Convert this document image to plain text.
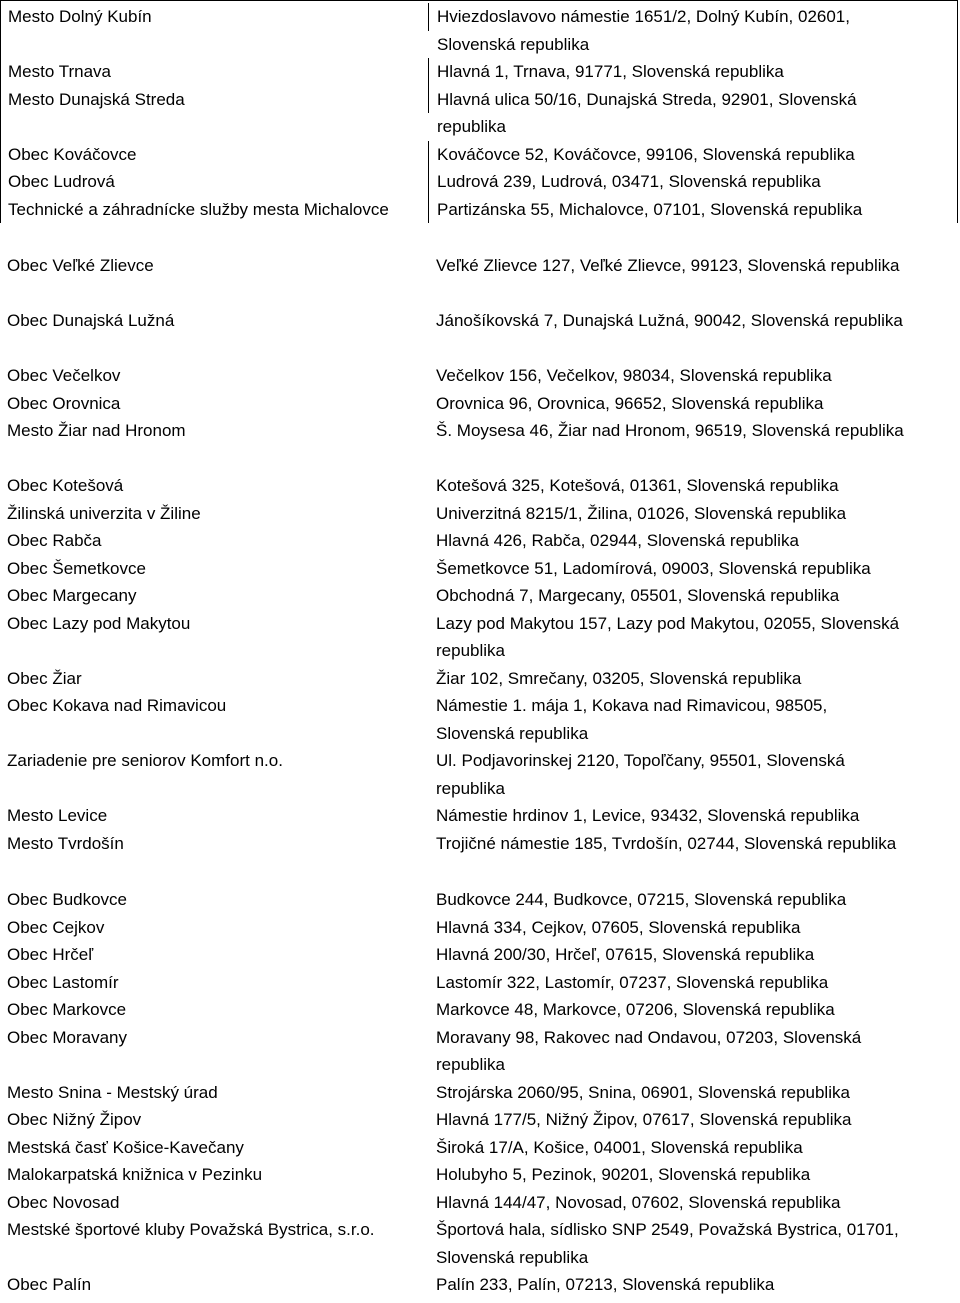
Mesto Dolný Kubín	Hviezdoslavovo námestie 1651/2, Dolný Kubín, 02601,
Slovenská republika
Mesto Trnava	Hlavná 1, Trnava, 91771, Slovenská republika
Mesto Dunajská Streda	Hlavná ulica 50/16, Dunajská Streda, 92901, Slovenská
republika
Obec Kováčovce	Kováčovce 52, Kováčovce, 99106, Slovenská republika
Obec Ludrová	Ludrová 239, Ludrová, 03471, Slovenská republika
Technické a záhradnícke služby mesta Michalovce	Partizánska 55, Michalovce, 07101, Slovenská republika
Obec Veľké Zlievce	Veľké Zlievce 127, Veľké Zlievce, 99123, Slovenská republika
Obec Dunajská Lužná	Jánošíkovská 7, Dunajská Lužná, 90042, Slovenská republika
Obec Večelkov	Večelkov 156, Večelkov, 98034, Slovenská republika
Obec Orovnica	Orovnica 96, Orovnica, 96652, Slovenská republika
Mesto Žiar nad Hronom	Š. Moysesa 46, Žiar nad Hronom, 96519, Slovenská republika
Obec Kotešová	Kotešová 325, Kotešová, 01361, Slovenská republika
Žilinská univerzita v Žiline	Univerzitná 8215/1, Žilina, 01026, Slovenská republika
Obec Rabča	Hlavná 426, Rabča, 02944, Slovenská republika
Obec Šemetkovce	Šemetkovce 51, Ladomírová, 09003, Slovenská republika
Obec Margecany	Obchodná 7, Margecany, 05501, Slovenská republika
Obec Lazy pod Makytou	Lazy pod Makytou 157, Lazy pod Makytou, 02055, Slovenská
republika
Obec Žiar	Žiar 102, Smrečany, 03205, Slovenská republika
Obec Kokava nad Rimavicou	Námestie 1. mája 1, Kokava nad Rimavicou, 98505,
Slovenská republika
Zariadenie pre seniorov Komfort n.o.	Ul. Podjavorinskej 2120, Topoľčany, 95501, Slovenská
republika
Mesto Levice	Námestie hrdinov 1, Levice, 93432, Slovenská republika
Mesto Tvrdošín	Trojičné námestie 185, Tvrdošín, 02744, Slovenská republika
Obec Budkovce	Budkovce 244, Budkovce, 07215, Slovenská republika
Obec Cejkov	Hlavná 334, Cejkov, 07605, Slovenská republika
Obec Hrčeľ	Hlavná 200/30, Hrčeľ, 07615, Slovenská republika
Obec Lastomír	Lastomír 322, Lastomír, 07237, Slovenská republika
Obec Markovce	Markovce 48, Markovce, 07206, Slovenská republika
Obec Moravany	Moravany 98, Rakovec nad Ondavou, 07203, Slovenská
republika
Mesto Snina - Mestský úrad	Strojárska 2060/95, Snina, 06901, Slovenská republika
Obec Nižný Žipov	Hlavná 177/5, Nižný Žipov, 07617, Slovenská republika
Mestská časť Košice-Kavečany	Široká 17/A, Košice, 04001, Slovenská republika
Malokarpatská knižnica v Pezinku	Holubyho 5, Pezinok, 90201, Slovenská republika
Obec Novosad	Hlavná 144/47, Novosad, 07602, Slovenská republika
Mestské športové kluby Považská Bystrica, s.r.o.	Športová hala, sídlisko SNP 2549, Považská Bystrica, 01701,
Slovenská republika
Obec Palín	Palín 233, Palín, 07213, Slovenská republika
